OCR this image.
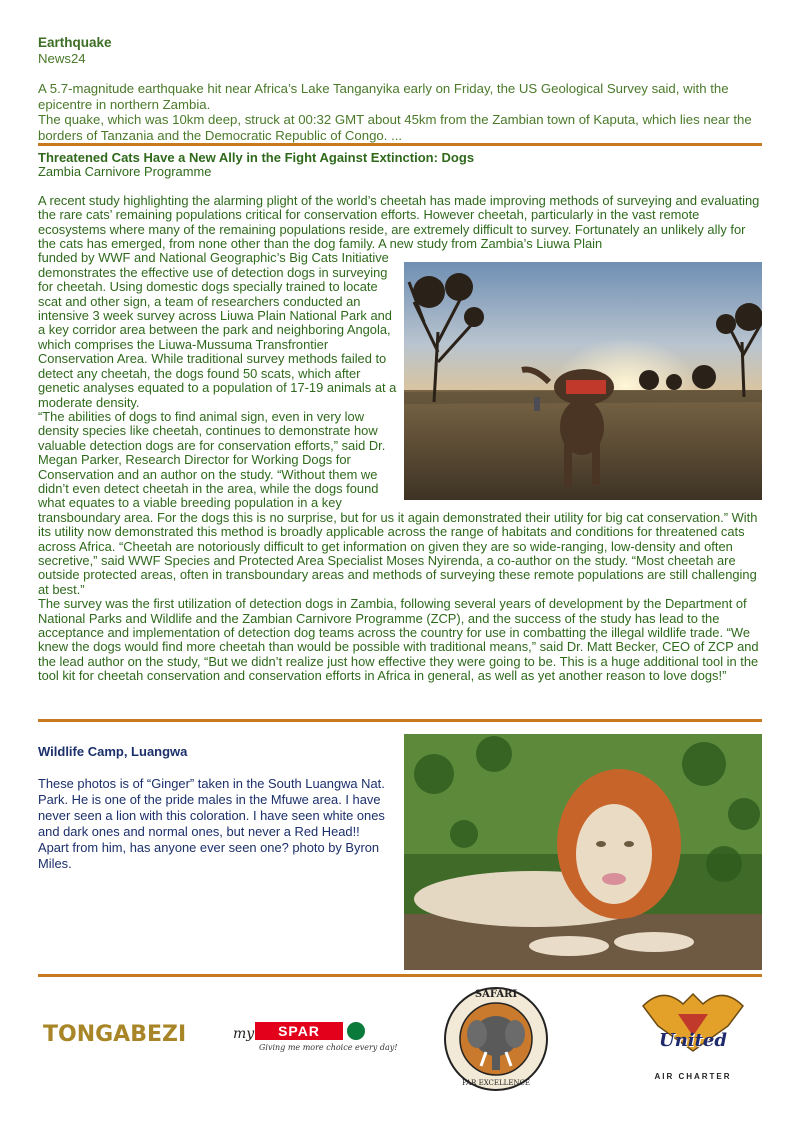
Earthquake
News24

A 5.7-magnitude earthquake hit near Africa’s Lake Tanganyika early on Friday, the US Geological Survey said, with the epicentre in northern Zambia.

The quake, which was 10km deep, struck at 00:32 GMT about 45km from the Zambian town of Kaputa, which lies near the borders of Tanzania and the Democratic Republic of Congo. ...

Threatened Cats Have a New Ally in the Fight Against Extinction: Dogs
Zambia Carnivore Programme

A recent study highlighting the alarming plight of the world’s cheetah has made improving methods of surveying and evaluating the rare cats’ remaining populations critical for conservation efforts. However cheetah, particularly in the vast remote ecosystems where many of the remaining populations reside, are extremely difficult to survey. Fortunately an unlikely ally for the cats has emerged, from none other than the dog family. A new study from Zambia’s Liuwa Plain

funded by WWF and National Geographic’s Big Cats Initiative demonstrates the effective use of detection dogs in surveying for cheetah. Using domestic dogs specially trained to locate scat and other sign, a team of researchers conducted an intensive 3 week survey across Liuwa Plain National Park and a key corridor area between the park and neighboring Angola, which comprises the Liuwa-Mussuma Transfrontier Conservation Area. While traditional survey methods failed to detect any cheetah, the dogs found 50 scats, which after genetic analyses equated to a population of 17-19 animals at a moderate density.

“The abilities of dogs to find animal sign, even in very low density species like cheetah, continues to demonstrate how valuable detection dogs are for conservation efforts,” said Dr. Megan Parker, Research Director for Working Dogs for Conservation and an author on the study. “Without them we didn’t even detect cheetah in the area, while the dogs found what equates to a viable breeding population in a key

transboundary area. For the dogs this is no surprise, but for us it again demonstrated their utility for big cat conservation.” With its utility now demonstrated this method is broadly applicable across the range of habitats and conditions for threatened cats across Africa. “Cheetah are notoriously difficult to get information on given they are so wide-ranging, low-density and often secretive,” said WWF Species and Protected Area Specialist Moses Nyirenda, a co-author on the study. “Most cheetah are outside protected areas, often in transboundary areas and methods of surveying these remote populations are still challenging at best.”

The survey was the first utilization of detection dogs in Zambia, following several years of development by the Department of National Parks and Wildlife and the Zambian Carnivore Programme (ZCP), and the success of the study has lead to the acceptance and implementation of detection dog teams across the country for use in combatting the illegal wildlife trade. “We knew the dogs would find more cheetah than would be possible with traditional means,” said Dr. Matt Becker, CEO of ZCP and the lead author on the study, “But we didn’t realize just how effective they were going to be. This is a huge additional tool in the tool kit for cheetah conservation and conservation efforts in Africa in general, as well as yet another reason to love dogs!”

Wildlife Camp, Luangwa

These photos is of “Ginger” taken in the South Luangwa Nat. Park. He is one of the pride males in the Mfuwe area. I have never seen a lion with this coloration. I have seen white ones and dark ones and normal ones, but never a Red Head!! Apart from him, has anyone ever seen one? photo by Byron Miles.

TONGABEZI	my	SPAR
Giving me more choice every day!
SAFARI
PAR EXCELLENCE
United
AIR CHARTER
